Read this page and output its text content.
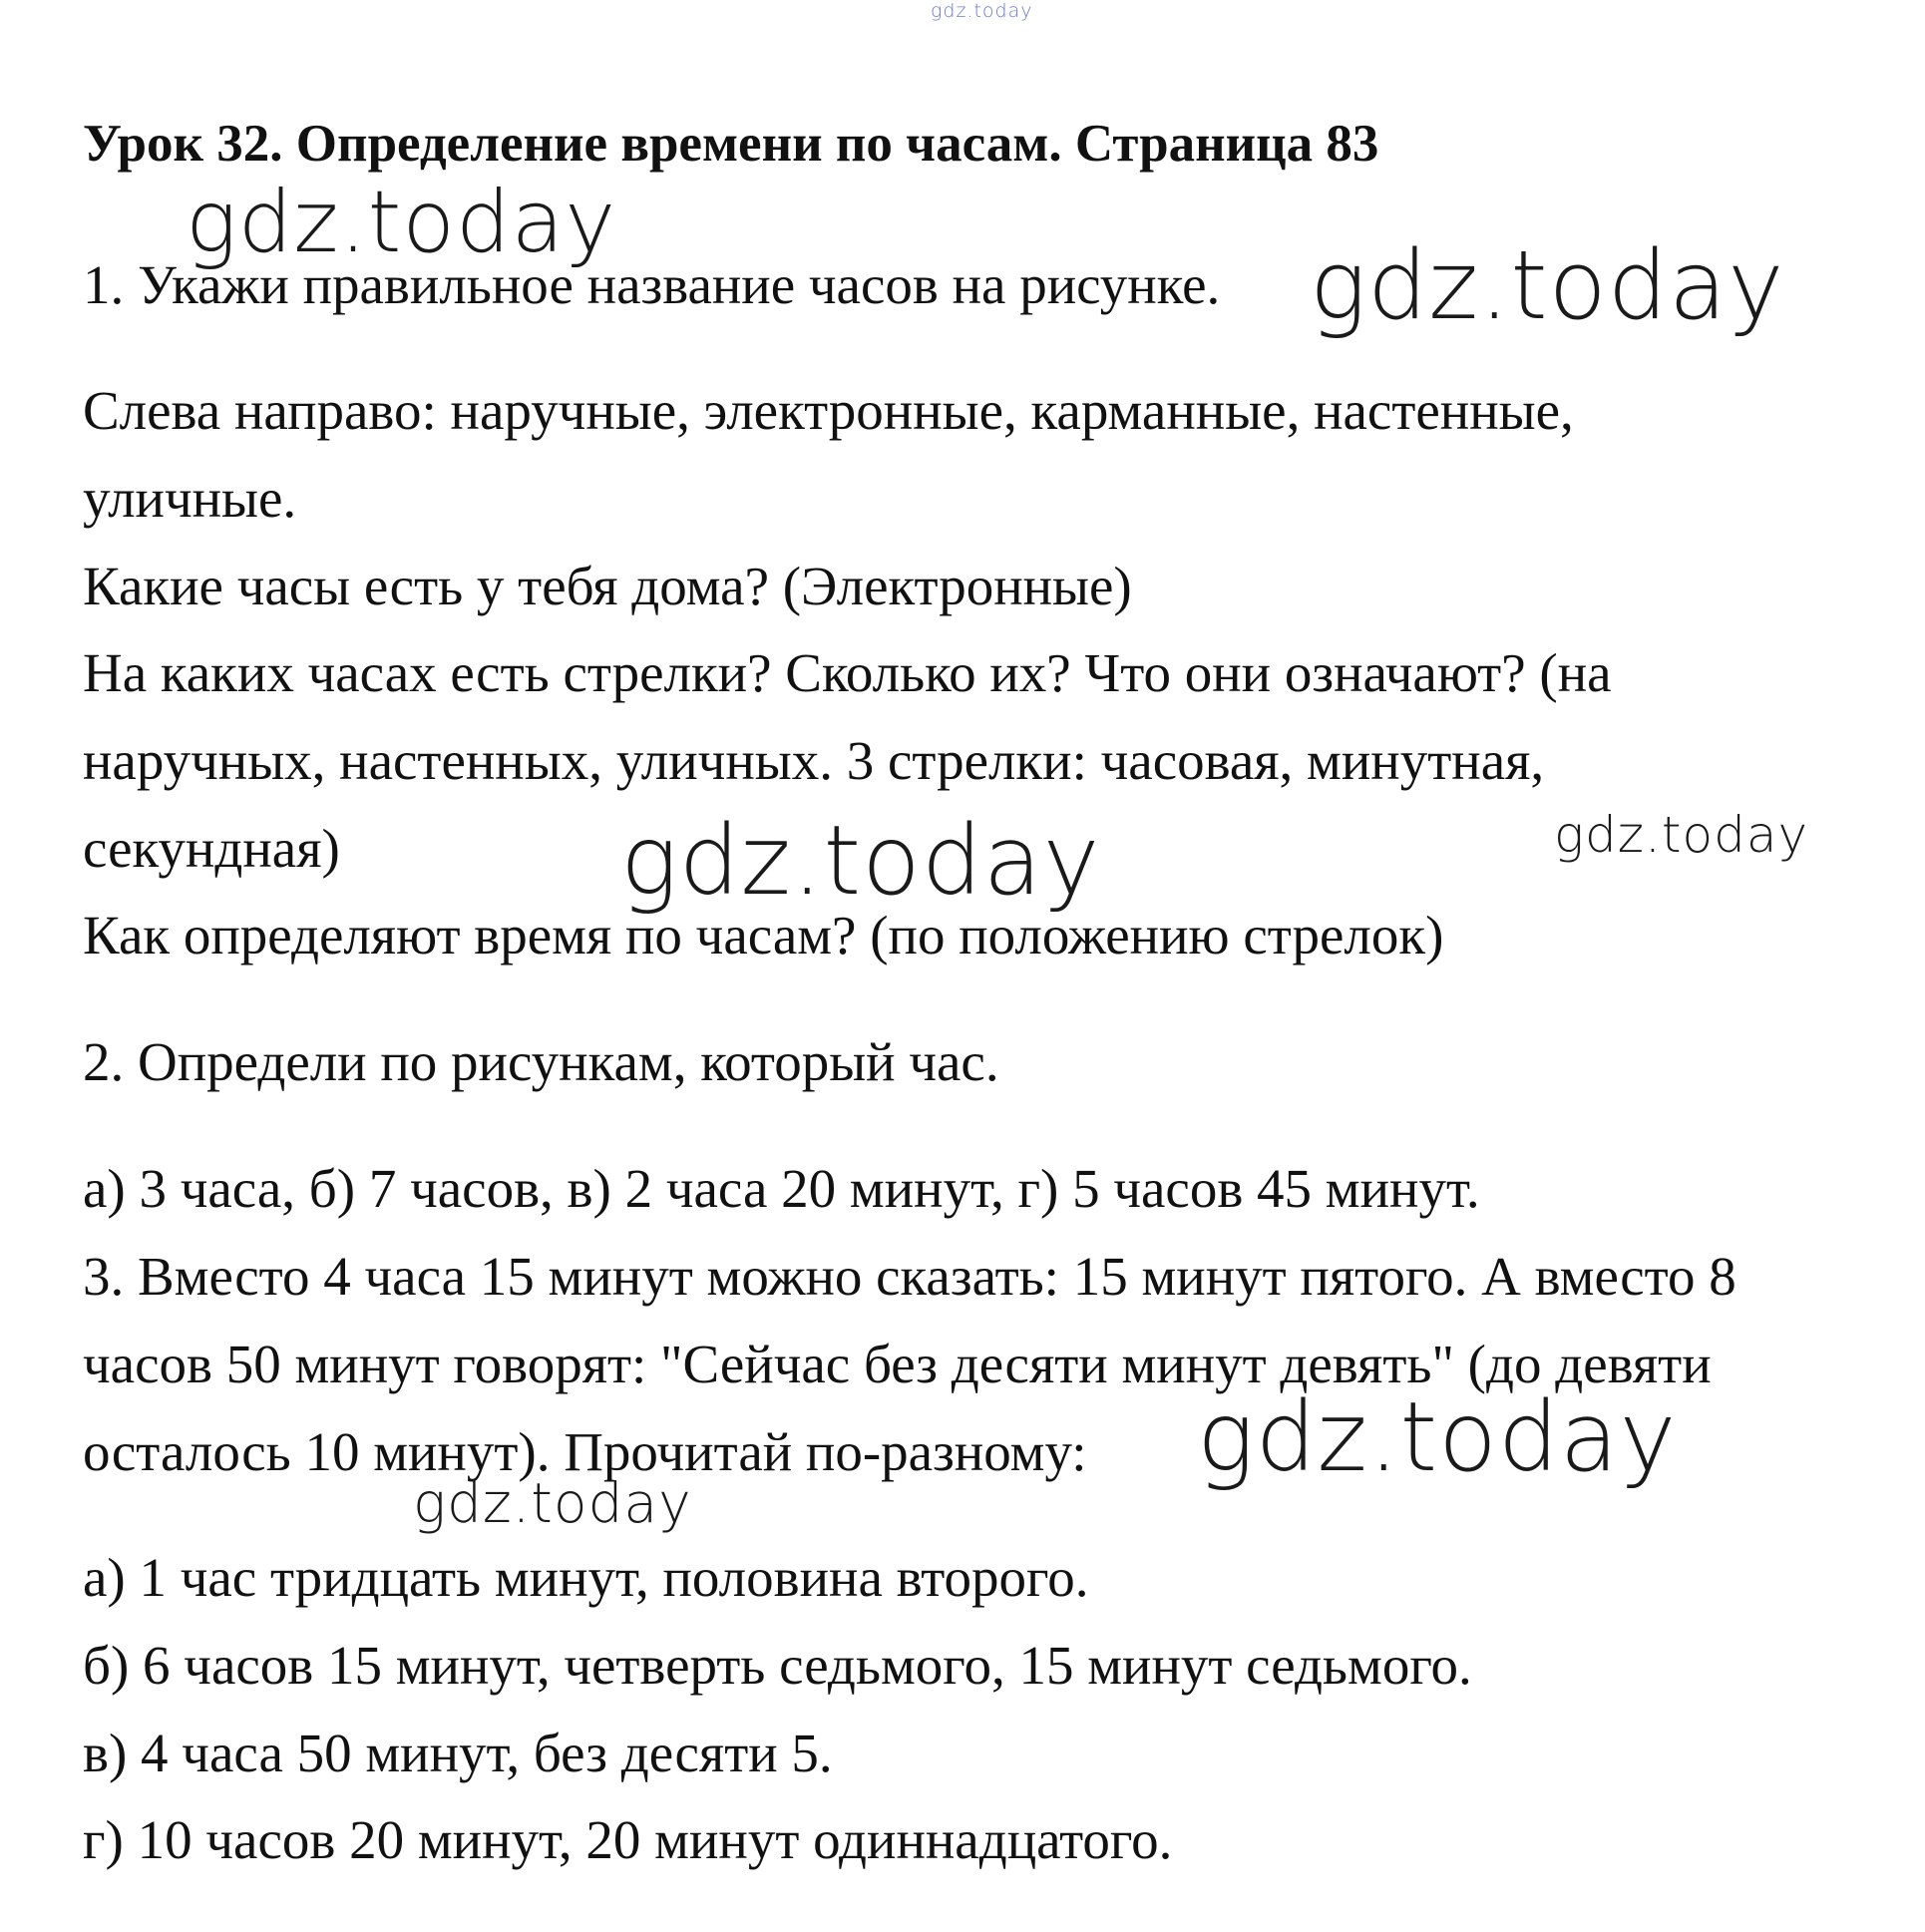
gdz.today
Урок 32. Определение времени по часам. Страница 83
1. Укажи правильное название часов на рисунке.
Слева направо: наручные, электронные, карманные, настенные,
уличные.
Какие часы есть у тебя дома? (Электронные)
На каких часах есть стрелки? Сколько их? Что они означают? (на
наручных, настенных, уличных. 3 стрелки: часовая, минутная,
секундная)
Как определяют время по часам? (по положению стрелок)
2. Определи по рисункам, который час.
а) 3 часа, б) 7 часов, в) 2 часа 20 минут, г) 5 часов 45 минут.
3. Вместо 4 часа 15 минут можно сказать: 15 минут пятого. А вместо 8
часов 50 минут говорят: "Сейчас без десяти минут девять" (до девяти
осталось 10 минут). Прочитай по-разному:
а) 1 час тридцать минут, половина второго.
б) 6 часов 15 минут, четверть седьмого, 15 минут седьмого.
в) 4 часа 50 минут, без десяти 5.
г) 10 часов 20 минут, 20 минут одиннадцатого.
gdz.today
gdz.today
gdz.today	gdz.today
gdz.today
gdz.today
